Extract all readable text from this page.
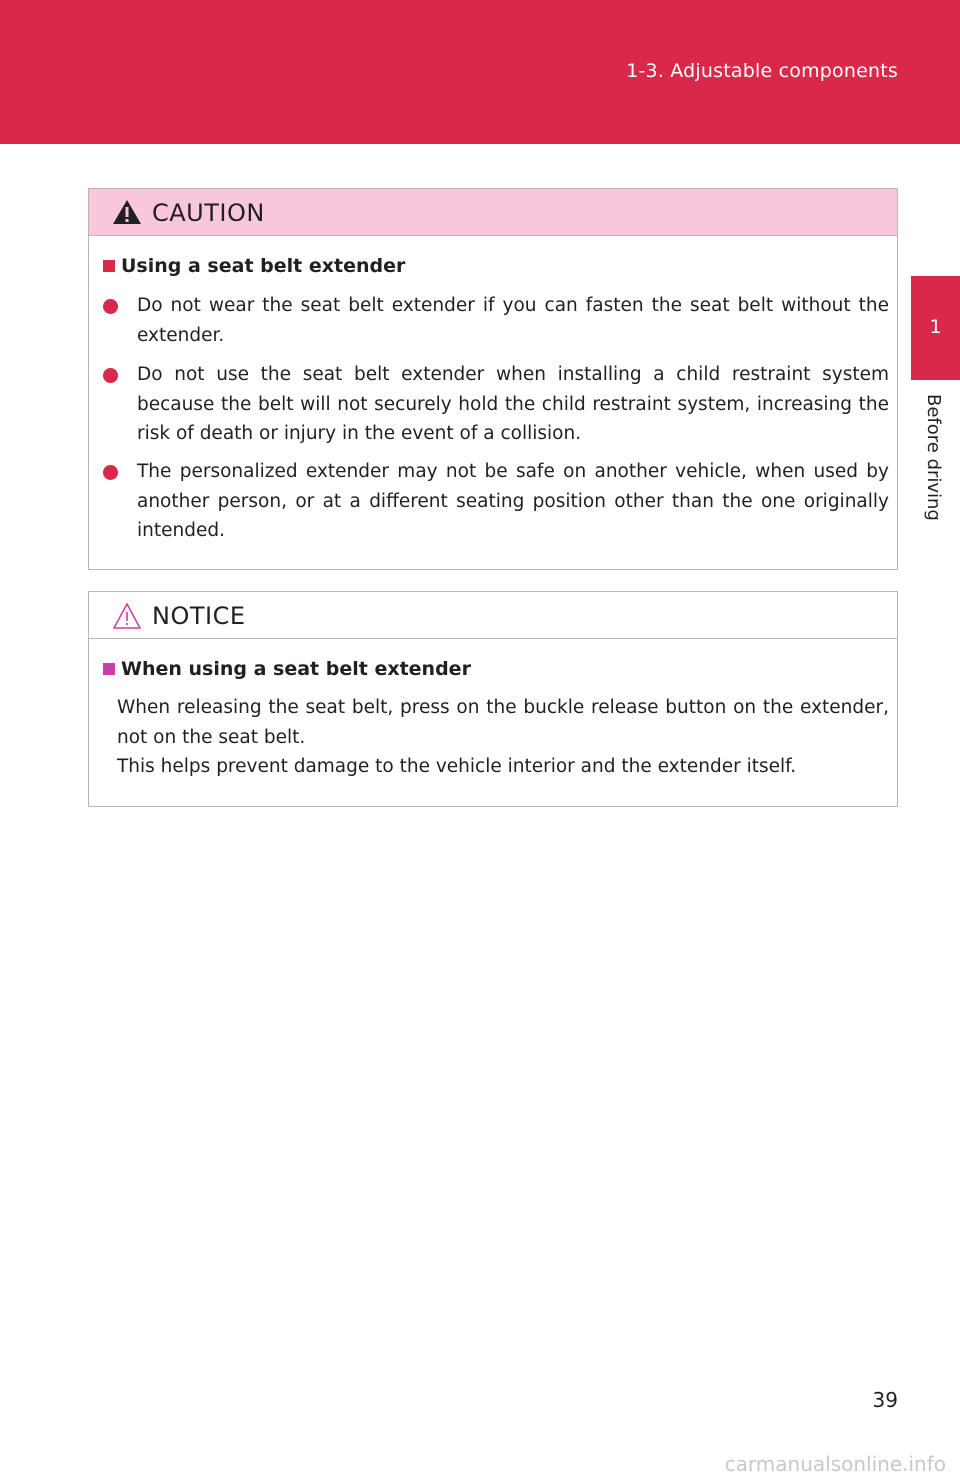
1-3. Adjustable components
1
Before driving
CAUTION
Using a seat belt extender
Do not wear the seat belt extender if you can fasten the seat belt without the extender.
Do not use the seat belt extender when installing a child restraint system because the belt will not securely hold the child restraint system, increasing the risk of death or injury in the event of a collision.
The personalized extender may not be safe on another vehicle, when used by another person, or at a different seating position other than the one originally intended.
NOTICE
When using a seat belt extender
When releasing the seat belt, press on the buckle release button on the extender, not on the seat belt.
This helps prevent damage to the vehicle interior and the extender itself.
39
carmanualsonline.info
